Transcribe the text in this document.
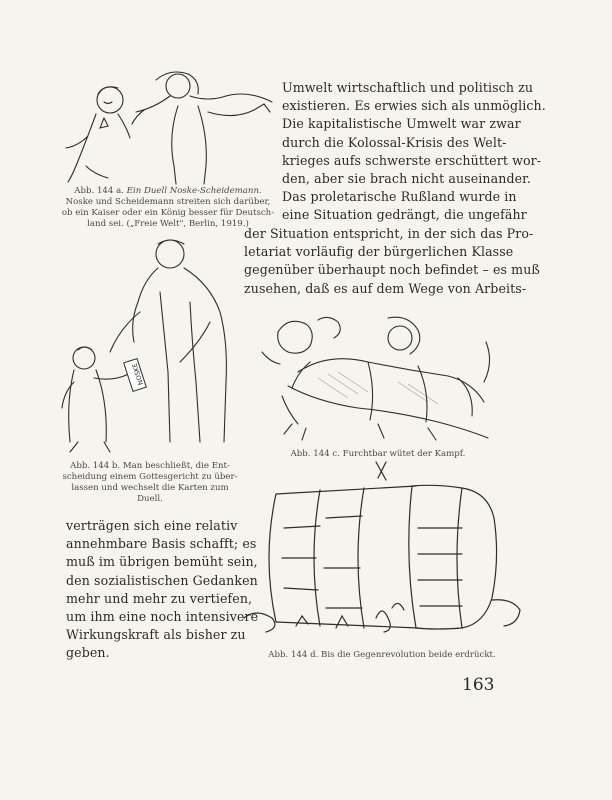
Abb. 144 a. Ein Duell Noske-Scheidemann.
Noske und Scheidemann streiten sich darüber,
ob ein Kaiser oder ein König besser für Deutsch-
land sei. („Freie Welt", Berlin, 1919.)

Umwelt wirtschaftlich und politisch zu
existieren. Es erwies sich als unmöglich.
Die kapitalistische Umwelt war zwar
durch die Kolossal-Krisis des Welt-
krieges aufs schwerste erschüttert wor-
den, aber sie brach nicht auseinander.
Das proletarische Rußland wurde in
eine Situation gedrängt, die ungefähr
der Situation entspricht, in der sich das Pro-
letariat vorläufig der bürgerlichen Klasse
gegenüber überhaupt noch befindet – es muß
zusehen, daß es auf dem Wege von Arbeits-
NOSKE

Abb. 144 b. Man beschließt, die Ent-
scheidung einem Gottesgericht zu über-
lassen und wechselt die Karten zum
Duell.

Abb. 144 c. Furchtbar wütet der Kampf.

Abb. 144 d. Bis die Gegenrevolution beide erdrückt.

verträgen sich eine relativ
annehmbare Basis schafft; es
muß im übrigen bemüht sein,
den sozialistischen Gedanken
mehr und mehr zu vertiefen,
um ihm eine noch intensivere
Wirkungskraft als bisher zu
geben.
163
